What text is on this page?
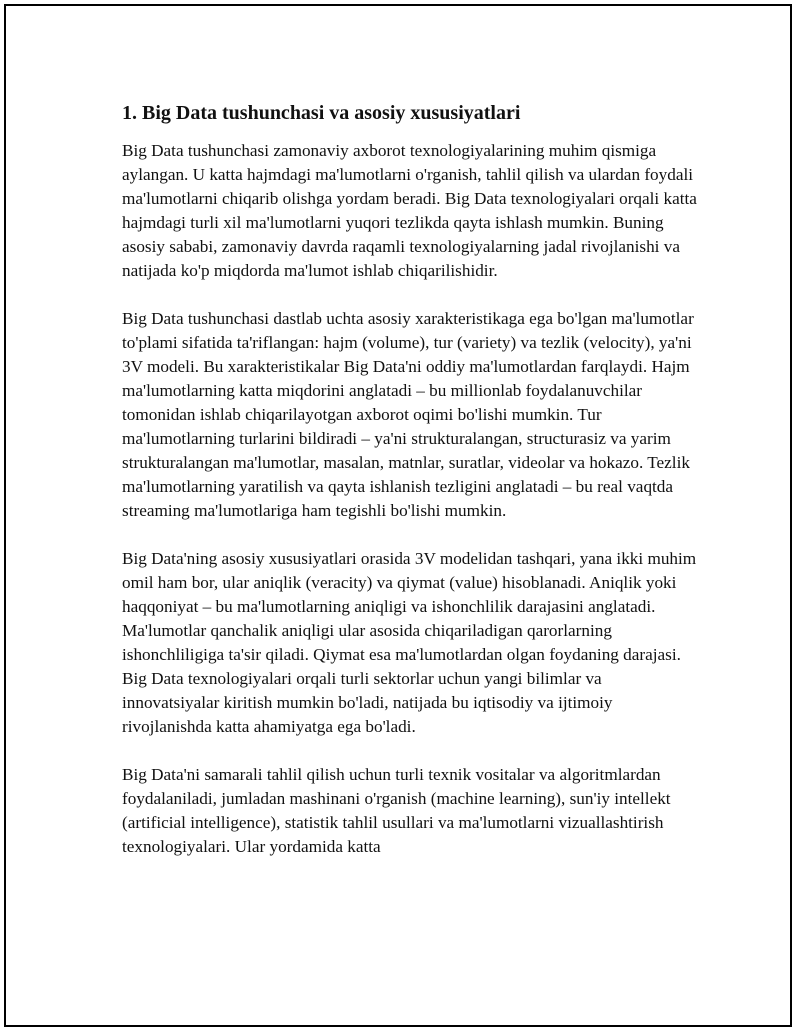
1. Big Data tushunchasi va asosiy xususiyatlari

Big Data tushunchasi zamonaviy axborot texnologiyalarining muhim qismiga aylangan. U katta hajmdagi ma'lumotlarni o'rganish, tahlil qilish va ulardan foydali ma'lumotlarni chiqarib olishga yordam beradi. Big Data texnologiyalari orqali katta hajmdagi turli xil ma'lumotlarni yuqori tezlikda qayta ishlash mumkin. Buning asosiy sababi, zamonaviy davrda raqamli texnologiyalarning jadal rivojlanishi va natijada ko'p miqdorda ma'lumot ishlab chiqarilishidir.

Big Data tushunchasi dastlab uchta asosiy xarakteristikaga ega bo'lgan ma'lumotlar to'plami sifatida ta'riflangan: hajm (volume), tur (variety) va tezlik (velocity), ya'ni 3V modeli. Bu xarakteristikalar Big Data'ni oddiy ma'lumotlardan farqlaydi. Hajm ma'lumotlarning katta miqdorini anglatadi – bu millionlab foydalanuvchilar tomonidan ishlab chiqarilayotgan axborot oqimi bo'lishi mumkin. Tur ma'lumotlarning turlarini bildiradi – ya'ni strukturalangan, structurasiz va yarim strukturalangan ma'lumotlar, masalan, matnlar, suratlar, videolar va hokazo. Tezlik ma'lumotlarning yaratilish va qayta ishlanish tezligini anglatadi – bu real vaqtda streaming ma'lumotlariga ham tegishli bo'lishi mumkin.

Big Data'ning asosiy xususiyatlari orasida 3V modelidan tashqari, yana ikki muhim omil ham bor, ular aniqlik (veracity) va qiymat (value) hisoblanadi. Aniqlik yoki haqqoniyat – bu ma'lumotlarning aniqligi va ishonchlilik darajasini anglatadi. Ma'lumotlar qanchalik aniqligi ular asosida chiqariladigan qarorlarning ishonchliligiga ta'sir qiladi. Qiymat esa ma'lumotlardan olgan foydaning darajasi. Big Data texnologiyalari orqali turli sektorlar uchun yangi bilimlar va innovatsiyalar kiritish mumkin bo'ladi, natijada bu iqtisodiy va ijtimoiy rivojlanishda katta ahamiyatga ega bo'ladi.

Big Data'ni samarali tahlil qilish uchun turli texnik vositalar va algoritmlardan foydalaniladi, jumladan mashinani o'rganish (machine learning), sun'iy intellekt (artificial intelligence), statistik tahlil usullari va ma'lumotlarni vizuallashtirish texnologiyalari. Ular yordamida katta
